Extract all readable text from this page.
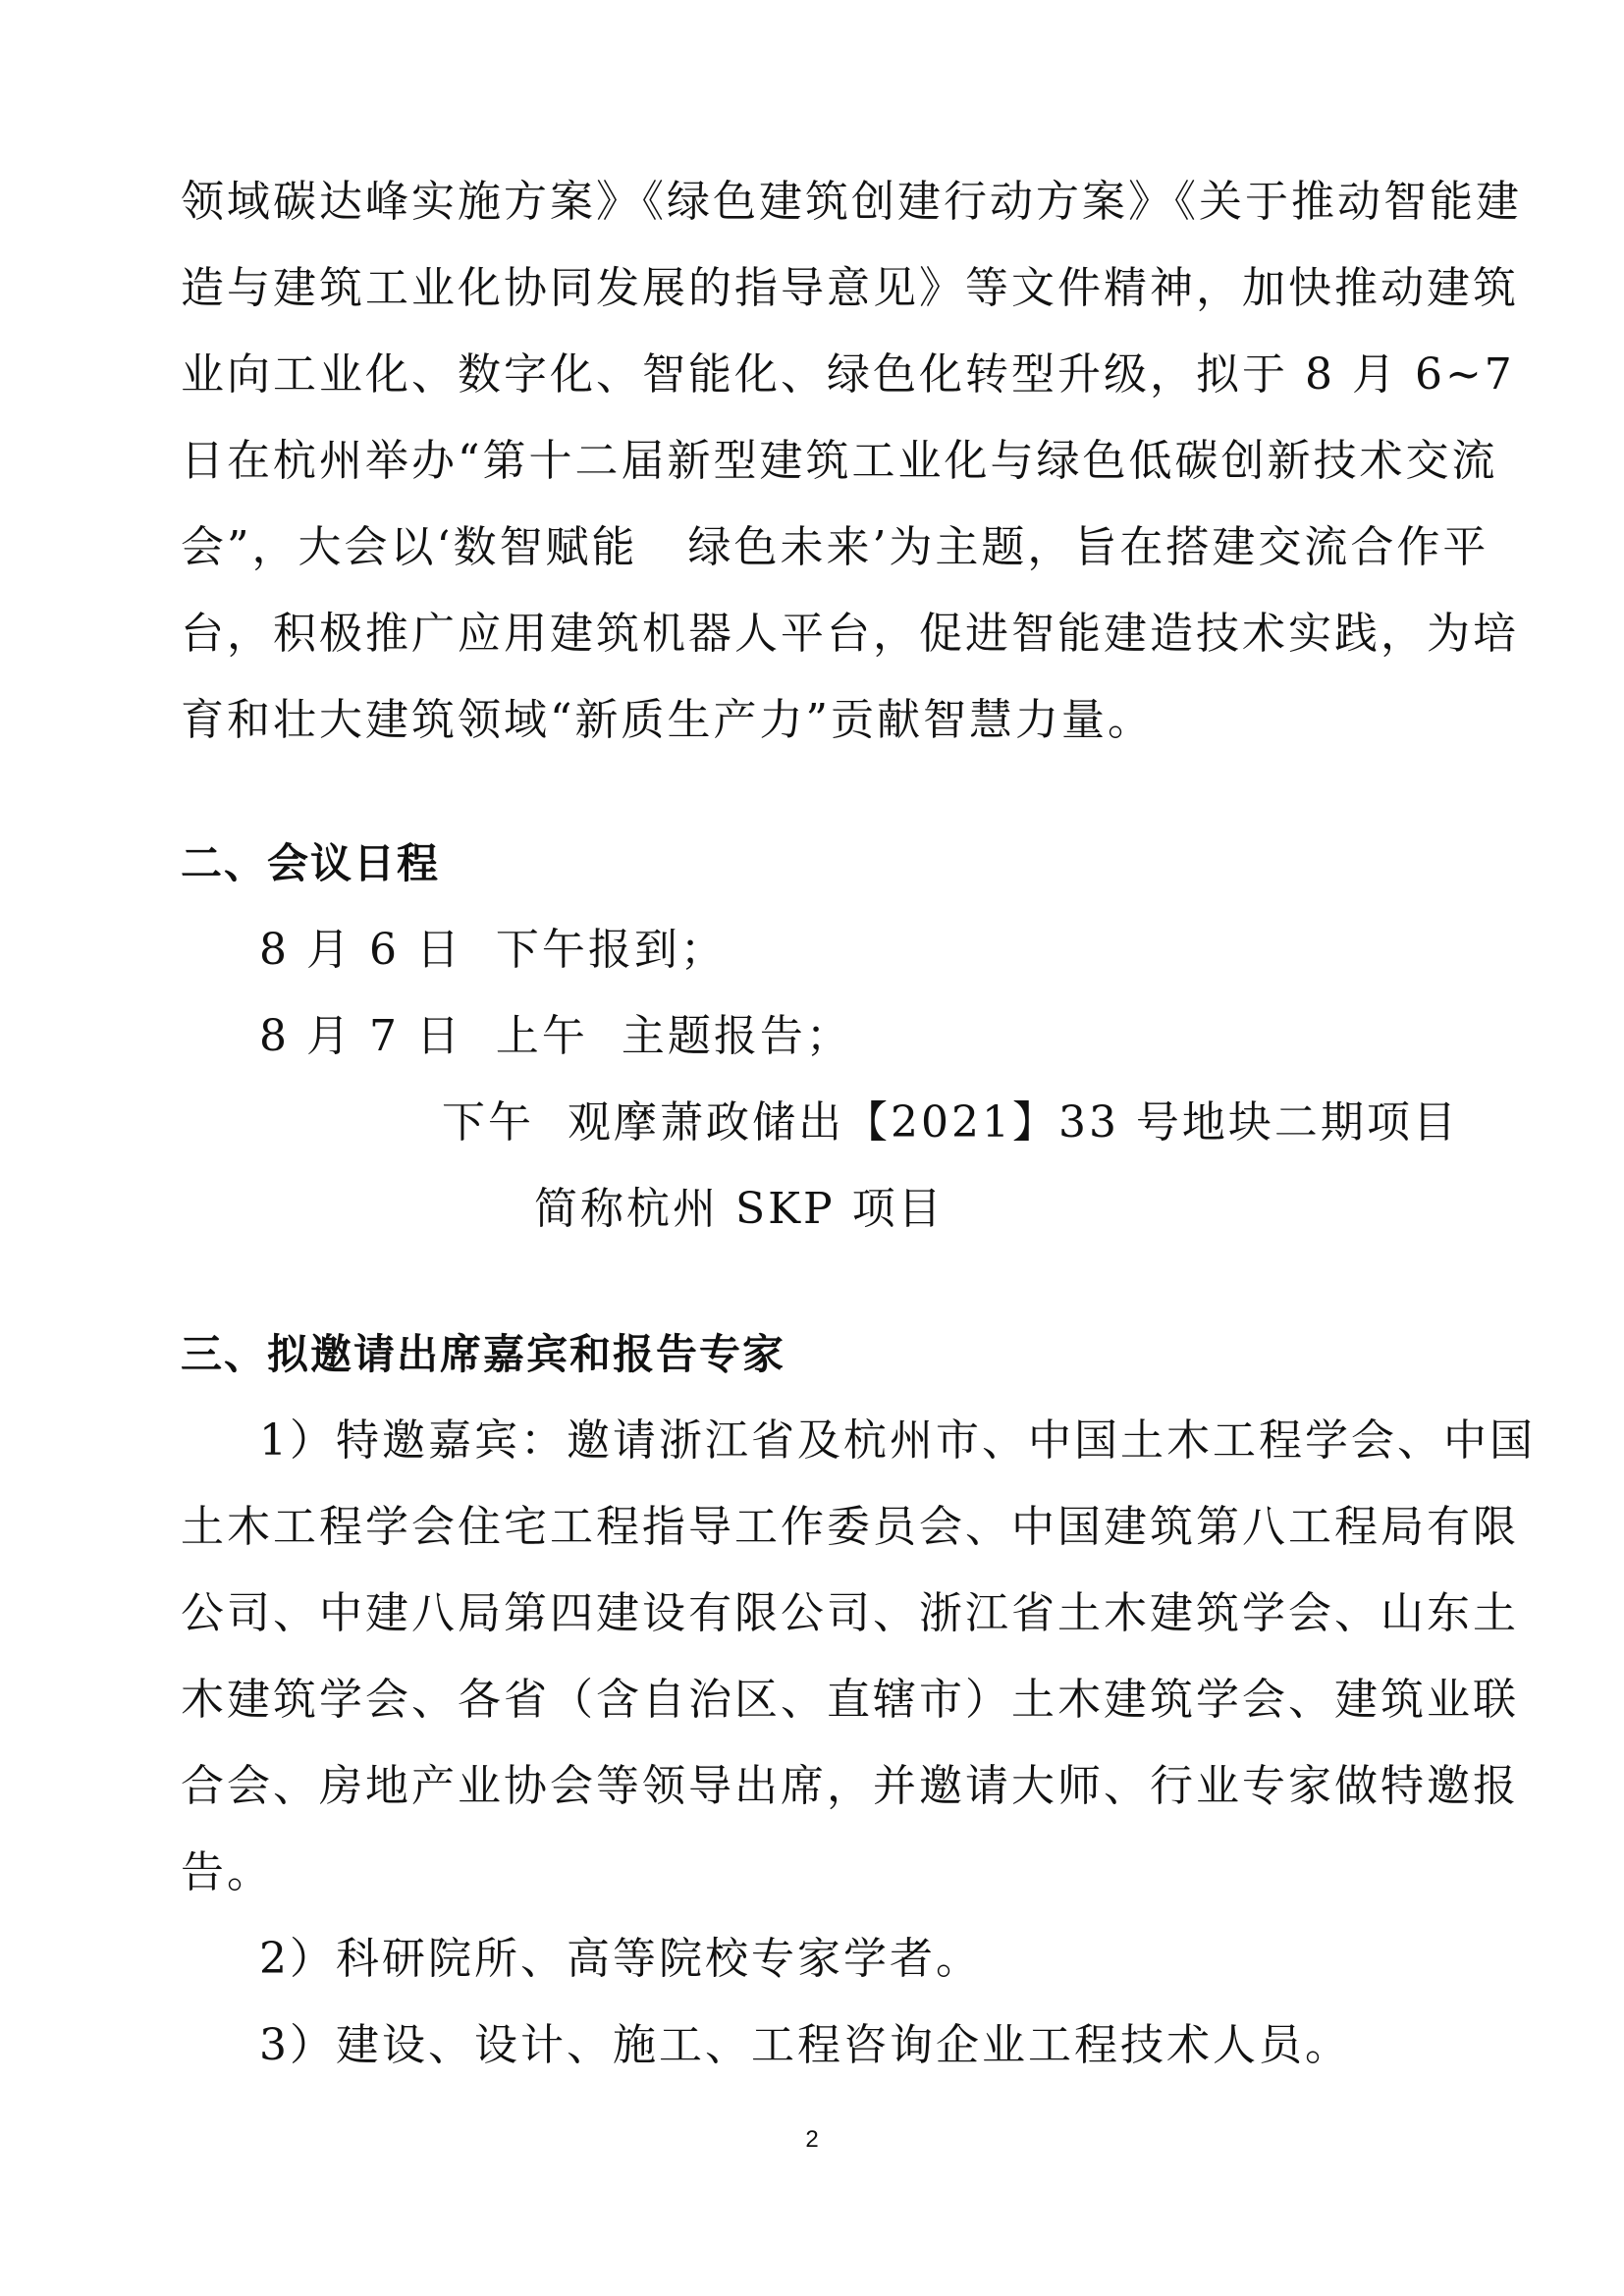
领域碳达峰实施方案》《绿色建筑创建行动方案》《关于推动智能建
造与建筑工业化协同发展的指导意见》等文件精神，加快推动建筑
业向工业化、数字化、智能化、绿色化转型升级，拟于 8 月 6~7
日在杭州举办“第十二届新型建筑工业化与绿色低碳创新技术交流
会”，大会以‘数智赋能   绿色未来’为主题，旨在搭建交流合作平
台，积极推广应用建筑机器人平台，促进智能建造技术实践，为培
育和壮大建筑领域“新质生产力”贡献智慧力量。
二、会议日程
8 月 6 日  下午报到；
8 月 7 日  上午  主题报告；
下午  观摩萧政储出【2021】33 号地块二期项目
简称杭州 SKP 项目
三、拟邀请出席嘉宾和报告专家
1）特邀嘉宾：邀请浙江省及杭州市、中国土木工程学会、中国
土木工程学会住宅工程指导工作委员会、中国建筑第八工程局有限
公司、中建八局第四建设有限公司、浙江省土木建筑学会、山东土
木建筑学会、各省（含自治区、直辖市）土木建筑学会、建筑业联
合会、房地产业协会等领导出席，并邀请大师、行业专家做特邀报
告。
2）科研院所、高等院校专家学者。
3）建设、设计、施工、工程咨询企业工程技术人员。
2
